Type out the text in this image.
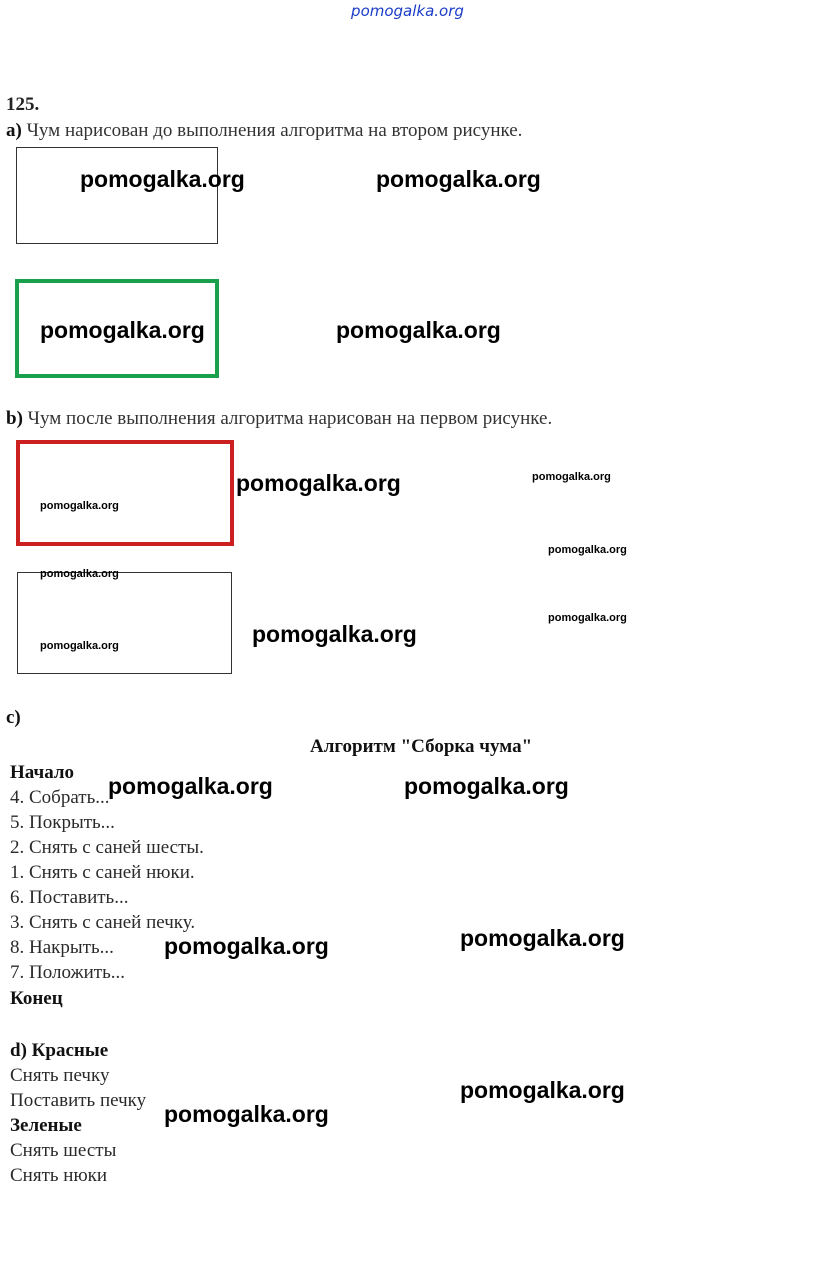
pomogalka.org
125.
a) Чум нарисован до выполнения алгоритма на втором рисунке.
b) Чум после выполнения алгоритма нарисован на первом рисунке.
c)
Алгоритм "Сборка чума"
Начало
4. Собрать...
5. Покрыть...
2. Снять с саней шесты.
1. Снять с саней нюки.
6. Поставить...
3. Снять с саней печку.
8. Накрыть...
7. Положить...
Конец
d) Красные
Снять печку
Поставить печку
Зеленые
Снять шесты
Снять нюки
pomogalka.org	pomogalka.org
pomogalka.org	pomogalka.org
pomogalka.org
pomogalka.org
pomogalka.org	pomogalka.org
pomogalka.org	pomogalka.org
pomogalka.org
pomogalka.org
pomogalka.org
pomogalka.org
pomogalka.org
pomogalka.org
pomogalka.org
pomogalka.org
